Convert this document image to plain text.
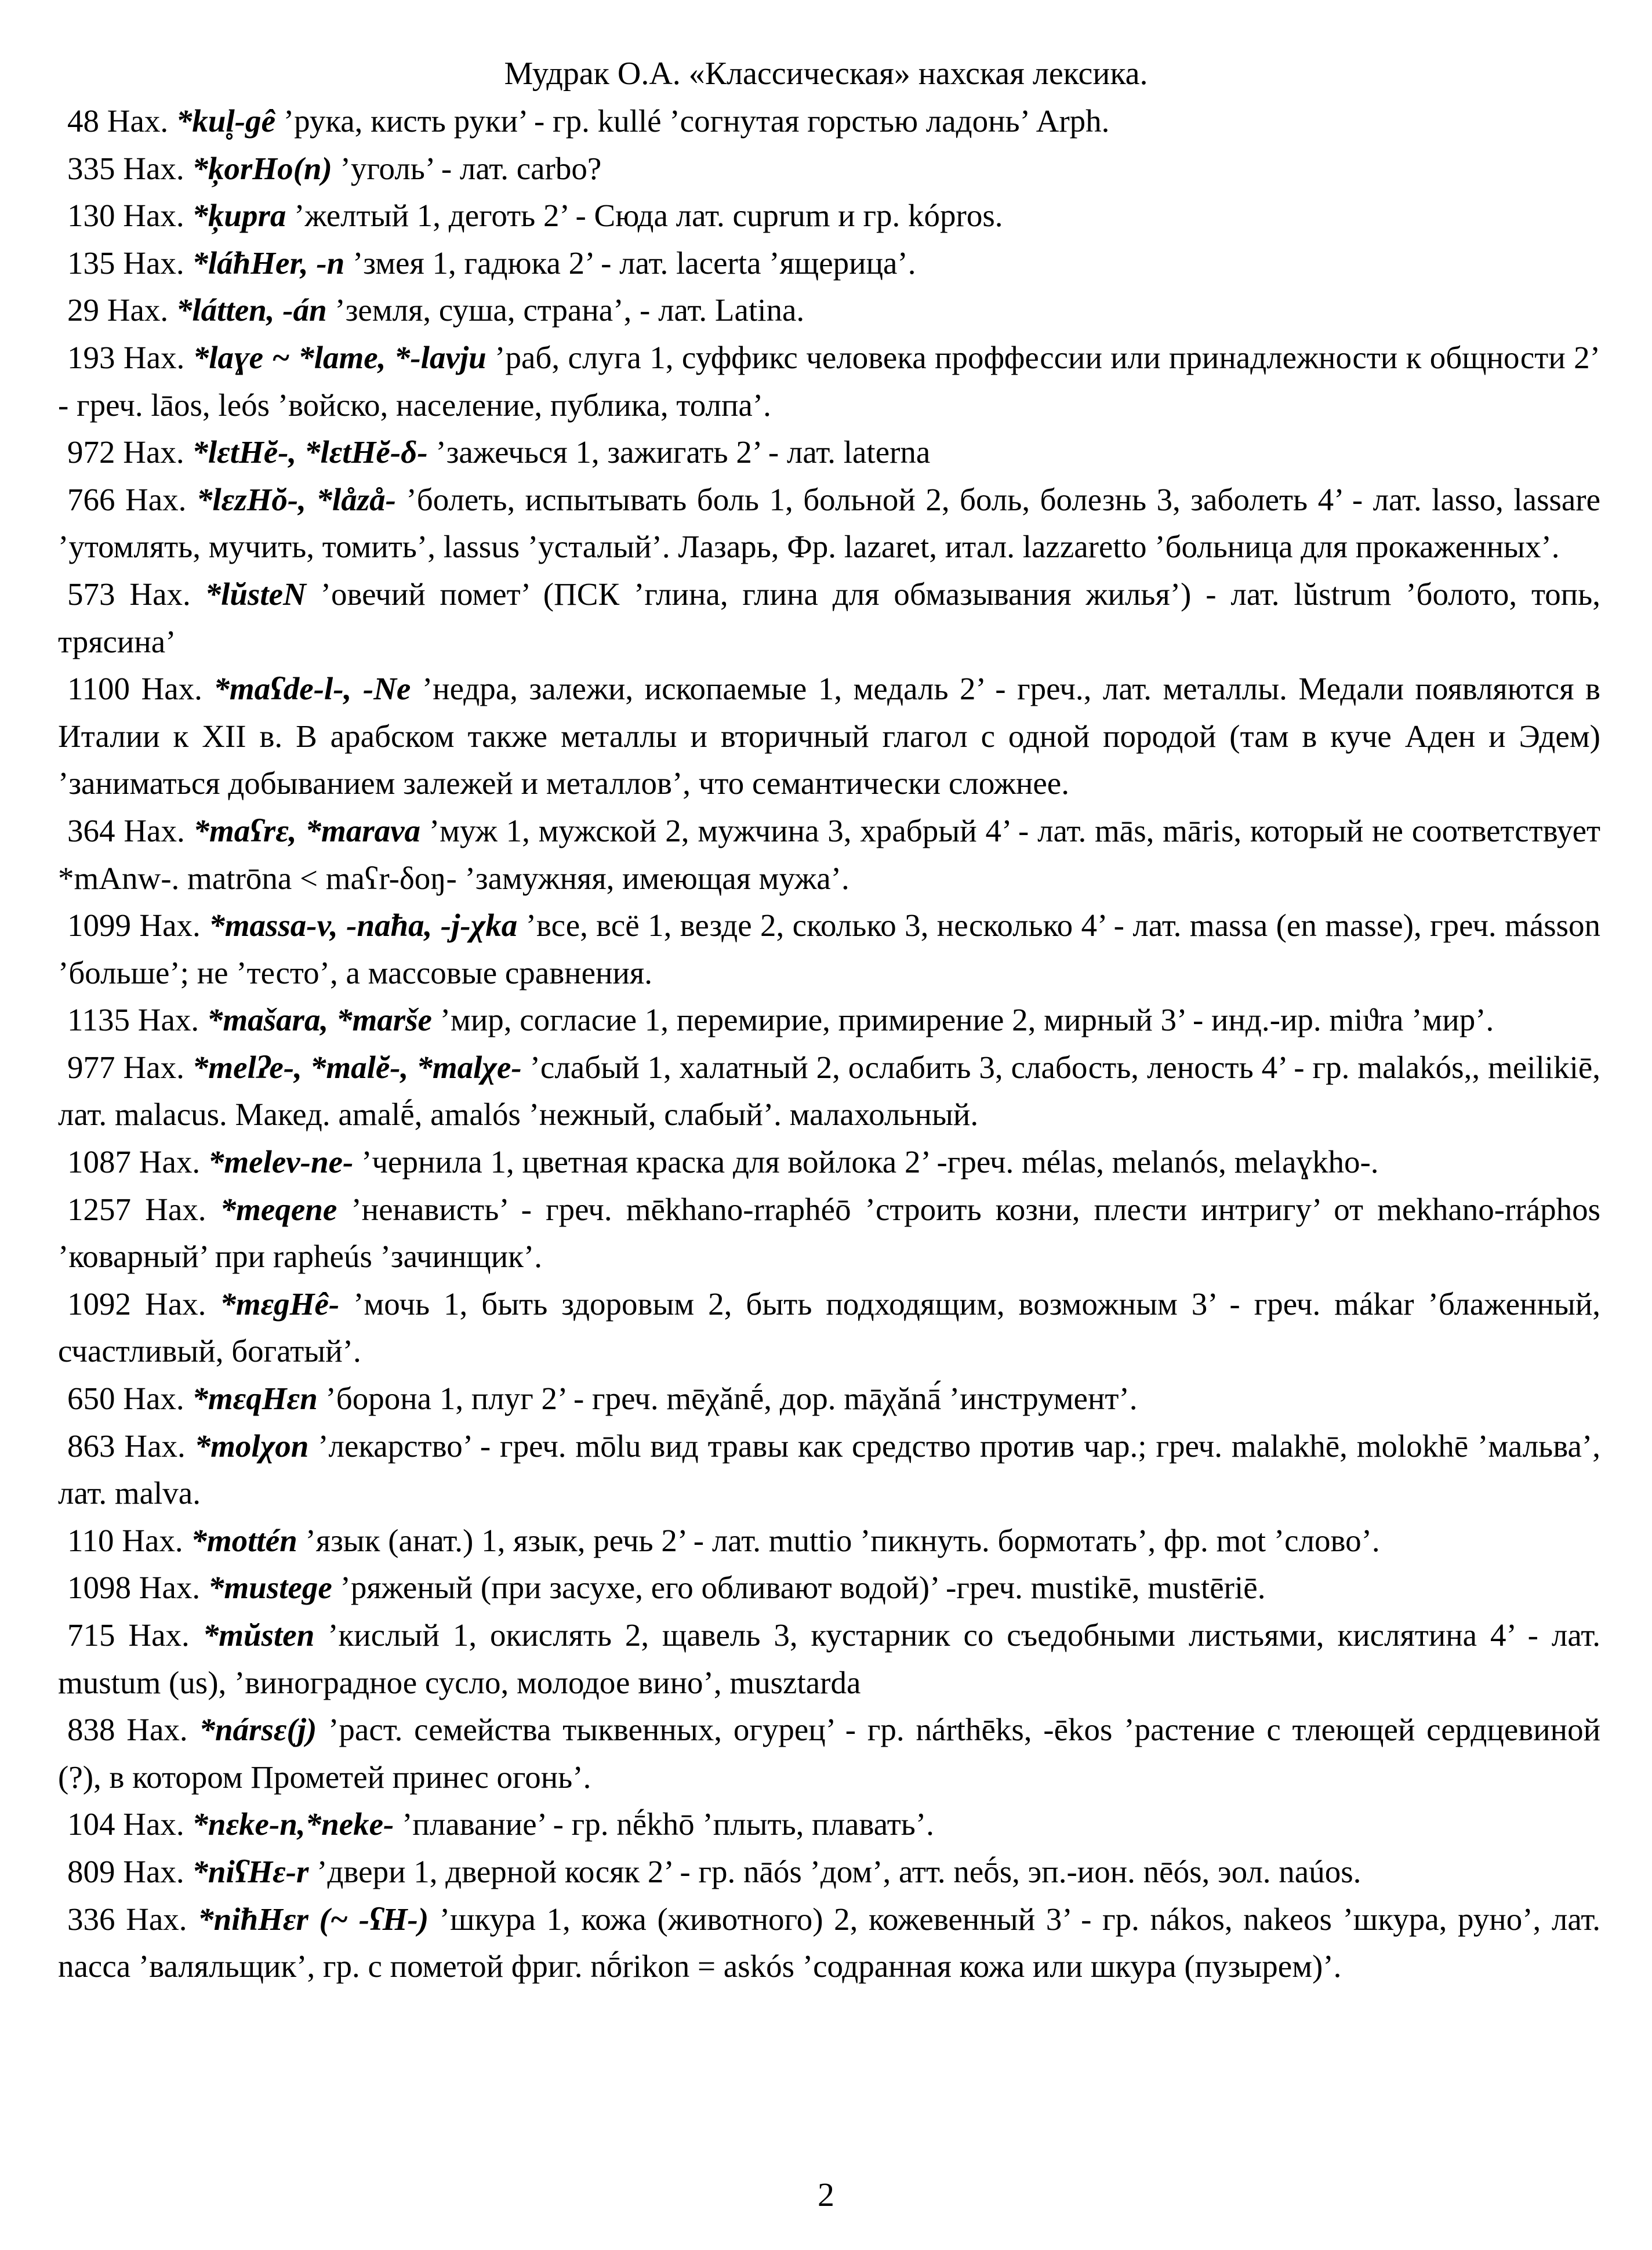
Мудрак О.А. «Классическая» нахская лексика.
48 Нах. *kul̥-gê ’рука, кисть руки’ - гр. kullé ’согнутая горстью ладонь’ Arph.
335 Нах. *ķorHo(n) ’уголь’ - лат. carbo?
130 Нах. *ķupra ’желтый 1, деготь 2’ - Сюда лат. cuprum и гр. kópros.
135 Нах. *láħHer, -n ’змея 1, гадюка 2’ - лат. lacerta ’ящерица’.
29 Нах. *látten, -án ’земля, суша, страна’, - лат. Latina.
193 Нах. *laɣe ~ *lame, *-lavju ’раб, слуга 1, суффикс человека проффессии или принадлежности к общности 2’ - греч. lāos, leós ’войско, население, публика, толпа’.
972 Нах. *lɛtHĕ-, *lɛtHĕ-δ- ’зажечься 1, зажигать 2’ - лат. laterna
766 Нах. *lɛzHŏ-, *låzå- ’болеть, испытывать боль 1, больной 2, боль, болезнь 3, заболеть 4’ - лат. lasso, lassare ’утомлять, мучить, томить’, lassus ’усталый’. Лазарь, Фр. lazaret, итал. lazzaretto ’больница для прокаженных’.
573 Нах. *lŭsteN ’овечий помет’ (ПСК ’глина, глина для обмазывания жилья’) - лат. lŭstrum ’болото, топь, трясина’
1100 Нах. *maʕde-l-, -Ne ’недра, залежи, ископаемые 1, медаль 2’ - греч., лат. металлы. Медали появляются в Италии к XII в. В арабском также металлы и вторичный глагол с одной породой (там в куче Аден и Эдем) ’заниматься добыванием залежей и металлов’, что семантически сложнее.
364 Нах. *maʕrɛ, *marava ’муж 1, мужской 2, мужчина 3, храбрый 4’ - лат. mās, māris, который не соответствует *mAnw-. matrōna < maʕr-δoŋ- ’замужняя, имеющая мужа’.
1099 Нах. *massa-v, -naħa, -j-χka ’все, всё 1, везде 2, сколько 3, несколько 4’ - лат. massa (en masse), греч. másson ’больше’; не ’тесто’, а массовые сравнения.
1135 Нах. *mašara, *marše ’мир, согласие 1, перемирие, примирение 2, мирный 3’ - инд.-ир. miϑra ’мир’.
977 Нах. *melʔe-, *malĕ-, *malχe- ’слабый 1, халатный 2, ослабить 3, слабость, леность 4’ - гр. malakós,, meilikiē, лат. malacus. Макед. amalḗ, amalós ’нежный, слабый’. малахольный.
1087 Нах. *melev-ne- ’чернила 1, цветная краска для войлока 2’ -греч. mélas, melanós, melaɣkho-.
1257 Нах. *meqene ’ненависть’ - греч. mēkhano-rraphéō ’строить козни, плести интригу’ от mekhano-rráphos ’коварный’ при rapheús ’зачинщик’.
1092 Нах. *mɛgHê- ’мочь 1, быть здоровым 2, быть подходящим, возможным 3’ - греч. mákar ’блаженный, счастливый, богатый’.
650 Нах. *mɛqHɛn ’борона 1, плуг 2’ - греч. mēχănḗ, дор. māχănā́ ’инструмент’.
863 Нах. *molχon ’лекарство’ - греч. mōlu вид травы как средство против чар.; греч. malakhē, molokhē ’мальва’, лат. malva.
110 Нах. *mottén ’язык (анат.) 1, язык, речь 2’ - лат. muttio ’пикнуть. бормотать’, фр. mot ’слово’.
1098 Нах. *mustege ’ряженый (при засухе, его обливают водой)’ -греч. mustikē, mustēriē.
715 Нах. *mŭsten ’кислый 1, окислять 2, щавель 3, кустарник со съедобными листьями, кислятина 4’ - лат. mustum (us), ’виноградное сусло, молодое вино’, musztarda
838 Нах. *nársɛ(j) ’раст. семейства тыквенных, огурец’ - гр. nárthēks, -ēkos ’растение с тлеющей сердцевиной (?), в котором Прометей принес огонь’.
104 Нах. *nɛke-n,*neke- ’плавание’ - гр. nḗkhō ’плыть, плавать’.
809 Нах. *niʕHɛ-r ’двери 1, дверной косяк 2’ - гр. nāós ’дом’, атт. neṓs, эп.-ион. nēós, эол. naúos.
336 Нах. *niħHɛr (~ -ʕH-) ’шкура 1, кожа (животного) 2, кожевенный 3’ - гр. nákos, nakeos ’шкура, руно’, лат. nacca ’валяльщик’, гр. с пометой фриг. nṓrikon = askós ’содранная кожа или шкура (пузырем)’.
2
